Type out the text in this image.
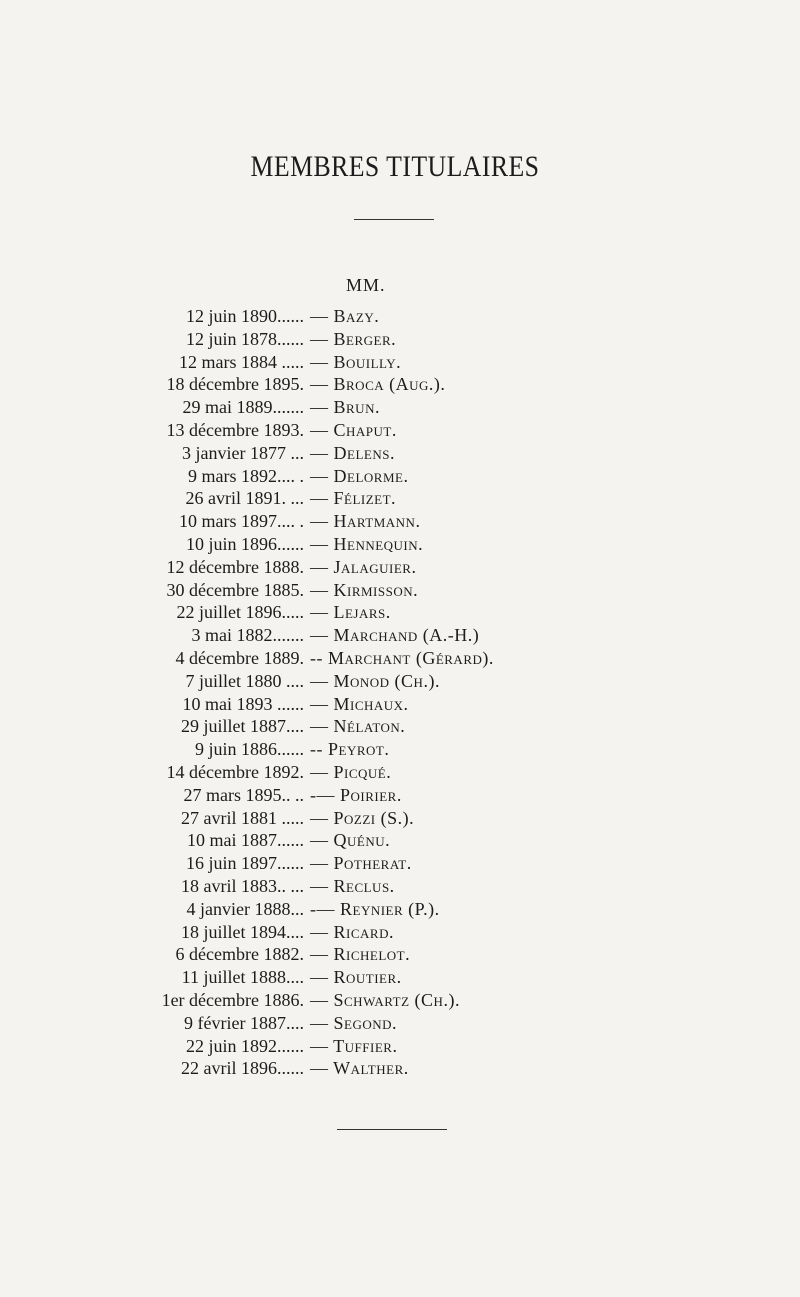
MEMBRES TITULAIRES
MM.
12 juin 1890...... — Bazy.
12 juin 1878...... — Berger.
12 mars 1884 ..... — Bouilly.
18 décembre 1895. — Broca (Aug.).
29 mai 1889....... — Brun.
13 décembre 1893. — Chaput.
3 janvier 1877 ... — Delens.
9 mars 1892.... . — Delorme.
26 avril 1891. ... — Félizet.
10 mars 1897.... . — Hartmann.
10 juin 1896...... — Hennequin.
12 décembre 1888. — Jalaguier.
30 décembre 1885. — Kirmisson.
22 juillet 1896..... — Lejars.
3 mai 1882....... — Marchand (A.-H.)
4 décembre 1889. -- Marchant (Gérard).
7 juillet 1880 .... — Monod (Ch.).
10 mai 1893 ...... — Michaux.
29 juillet 1887.... — Nélaton.
9 juin 1886...... -- Peyrot.
14 décembre 1892. — Picqué.
27 mars 1895.. .. -— Poirier.
27 avril 1881 ..... — Pozzi (S.).
10 mai 1887...... — Quénu.
16 juin 1897...... — Potherat.
18 avril 1883.. ... — Reclus.
4 janvier 1888... -— Reynier (P.).
18 juillet 1894.... — Ricard.
6 décembre 1882. — Richelot.
11 juillet 1888.... — Routier.
1er décembre 1886. — Schwartz (Ch.).
9 février 1887.... — Segond.
22 juin 1892...... — Tuffier.
22 avril 1896...... — Walther.
